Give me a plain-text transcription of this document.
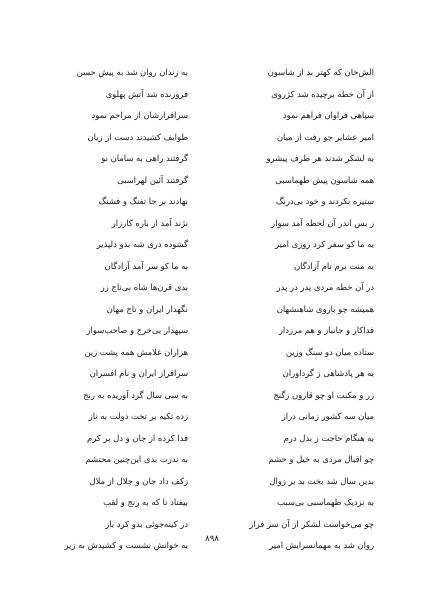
الش‌خان که کهتر بد از شاسون
از آن خطه برچیده شد کژروی
سپاهی فراوان فراهم نمود
امیر عشایر چو رفت از میان
به لشکر شدند هر طرف پیشرو
همه شاسون پیش طهماسبی
ستیزه نکردند و خود بی‌درنگ
ز بس اندر آن لحظه آمد سوار
به ما کو سفر کرد روزی امیر
به منت برم نام آزادگان
در آن خطه مردی پدر در پدر
همیشه چو بازوی شاهنشهان
فداکار و جانباز و هم مرزدار
ستاده میان دو سنگ وزین
به هر پادشاهی ز گرداوران
زر و مکنت او چو قارون زگنج
میان سه کشور زمانی دراز
به هنگام حاجت ز بذل درم
چو اقبال مردی به خیل و حشم
بدین سال شد بخت بد بر زوال
به نزدیک طهماسبی بی‌سبب
چو می‌خواست لشکر از آن سر فراز
روان شد به مهمانسرایش امیر
به زندان روان شد به پیش حسن
فروزنده شد آتش پهلوی
سرافرازشان از مراحم نمود
طوایف کشیدند دست از زیان
گرفتند راهی به سامان نو
گرفتند آئین لهراسبی
نهادند بر جا تفنگ و فشنگ
نژند آمد از باره کارزار
گشوده دری شه بدو دلپذیر
به ما کو سر آمد آزادگان
بدی قرن‌ها شاه بی‌تاج زر
نگهدار ایران و تاج مهان
سپهدار بی‌خرج و صاحب‌سوار
هزاران غلامش همه پشت زین
سرافراز ایران و نام افسران
به سی سال گرد آوریده به رنج
زده تکیه بر تخت دولت به ناز
فدا کرده از جان و دل بر کرم
به ندرت بدی این‌چنین محتشم
زکف داد جان و جلال از ملال
بیفتاد تا که به رنج و لقب
در کینه‌جوئی بدو کرد باز
به خوانش نشست و کشیدش به زیر
۸۹۸
